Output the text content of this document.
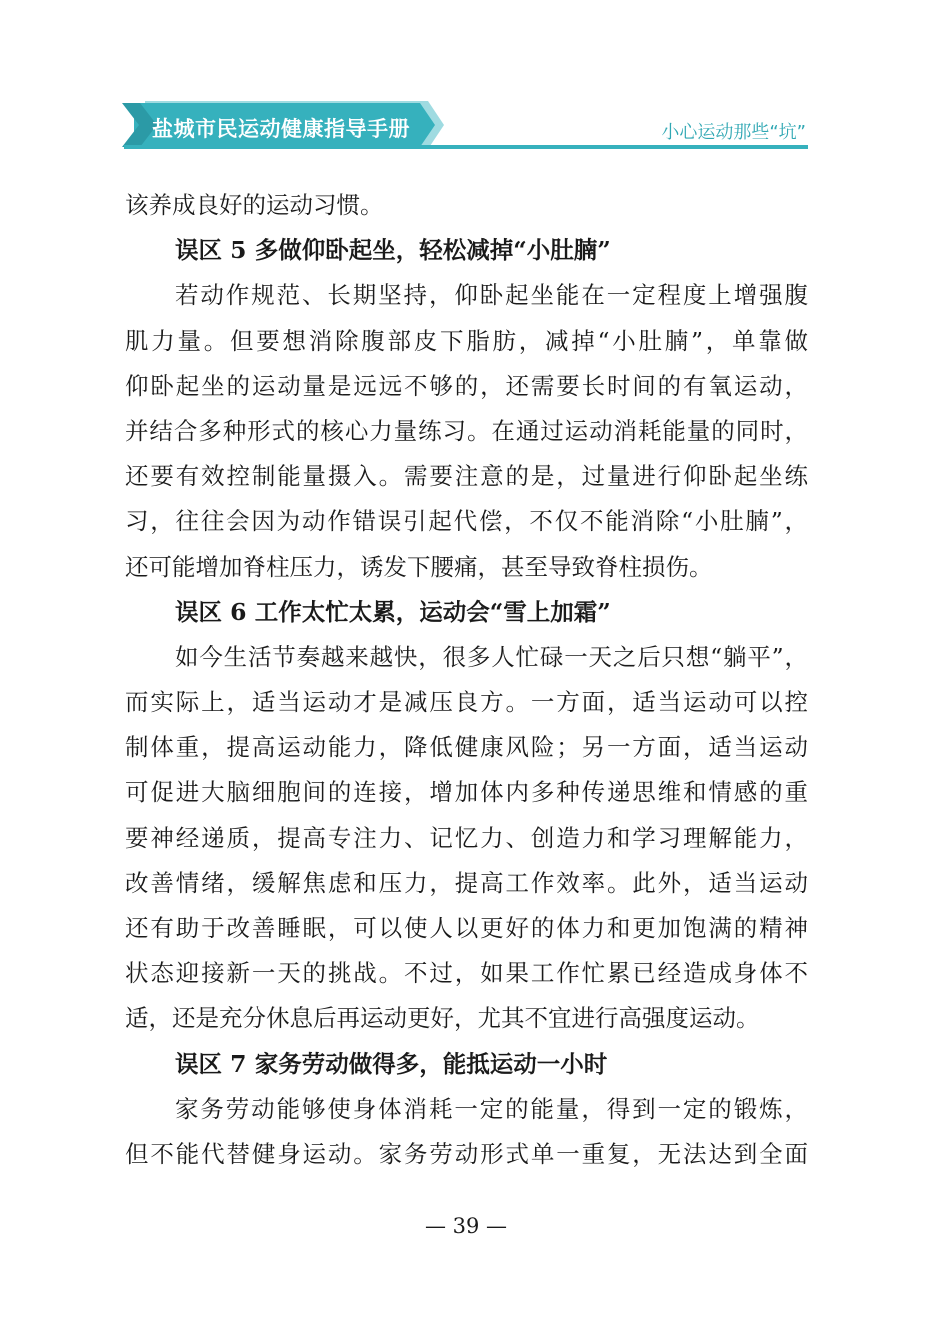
盐城市民运动健康指导手册	小心运动那些“坑”
该养成良好的运动习惯。
误区 5 多做仰卧起坐，轻松减掉“小肚腩”
若动作规范、长期坚持，仰卧起坐能在一定程度上增强腹
肌力量。但要想消除腹部皮下脂肪，减掉“小肚腩”，单靠做
仰卧起坐的运动量是远远不够的，还需要长时间的有氧运动，
并结合多种形式的核心力量练习。在通过运动消耗能量的同时，
还要有效控制能量摄入。需要注意的是，过量进行仰卧起坐练
习，往往会因为动作错误引起代偿，不仅不能消除“小肚腩”，
还可能增加脊柱压力，诱发下腰痛，甚至导致脊柱损伤。
误区 6 工作太忙太累，运动会“雪上加霜”
如今生活节奏越来越快，很多人忙碌一天之后只想“躺平”，
而实际上，适当运动才是减压良方。一方面，适当运动可以控
制体重，提高运动能力，降低健康风险；另一方面，适当运动
可促进大脑细胞间的连接，增加体内多种传递思维和情感的重
要神经递质，提高专注力、记忆力、创造力和学习理解能力，
改善情绪，缓解焦虑和压力，提高工作效率。此外，适当运动
还有助于改善睡眠，可以使人以更好的体力和更加饱满的精神
状态迎接新一天的挑战。不过，如果工作忙累已经造成身体不
适，还是充分休息后再运动更好，尤其不宜进行高强度运动。
误区 7 家务劳动做得多，能抵运动一小时
家务劳动能够使身体消耗一定的能量，得到一定的锻炼，
但不能代替健身运动。家务劳动形式单一重复，无法达到全面
— 39 —
